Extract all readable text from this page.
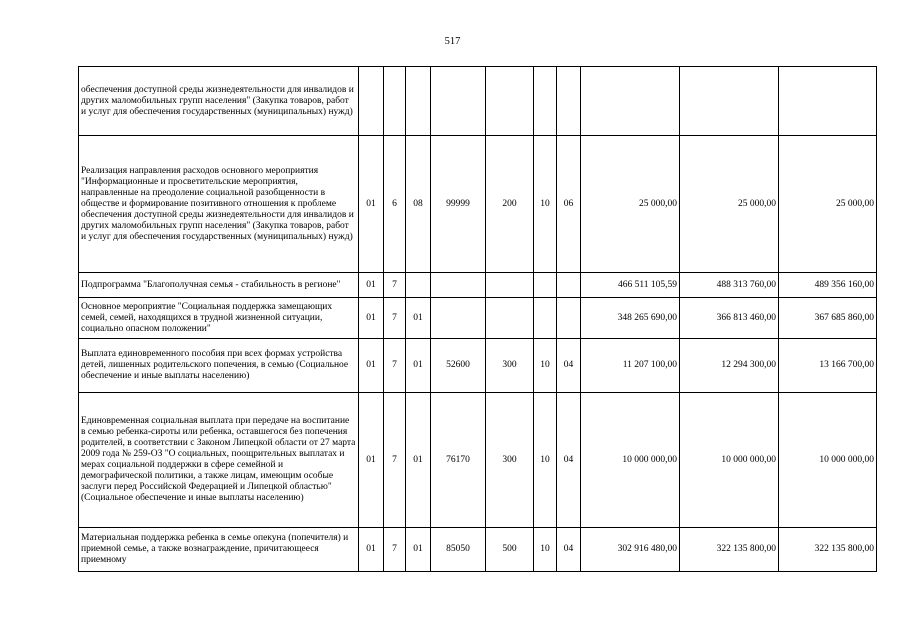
517
обеспечения доступной среды жизнедеятельности для инвалидов и других маломобильных групп населения" (Закупка товаров, работ и услуг для обеспечения государственных (муниципальных) нужд)										
Реализация направления расходов основного мероприятия "Информационные и просветительские мероприятия, направленные на преодоление социальной разобщенности в обществе и формирование позитивного отношения к проблеме обеспечения доступной среды жизнедеятельности для инвалидов и других маломобильных групп населения" (Закупка товаров, работ и услуг для обеспечения государственных (муниципальных) нужд)	01	6	08	99999	200	10	06	25 000,00	25 000,00	25 000,00
Подпрограмма "Благополучная семья - стабильность в регионе"	01	7						466 511 105,59	488 313 760,00	489 356 160,00
Основное мероприятие "Социальная поддержка замещающих семей, семей, находящихся в трудной жизненной ситуации, социально опасном положении"	01	7	01					348 265 690,00	366 813 460,00	367 685 860,00
Выплата единовременного пособия при всех формах устройства детей, лишенных родительского попечения, в семью (Социальное обеспечение и иные выплаты населению)	01	7	01	52600	300	10	04	11 207 100,00	12 294 300,00	13 166 700,00
Единовременная социальная выплата при передаче на воспитание в семью ребенка-сироты или ребенка, оставшегося без попечения родителей, в соответствии с Законом Липецкой области от 27 марта 2009 года № 259-ОЗ "О социальных, поощрительных выплатах и мерах социальной поддержки в сфере семейной и демографической политики, а также лицам, имеющим особые заслуги перед Российской Федерацией и Липецкой областью" (Социальное обеспечение и иные выплаты населению)	01	7	01	76170	300	10	04	10 000 000,00	10 000 000,00	10 000 000,00
Материальная поддержка ребенка в семье опекуна (попечителя) и приемной семье, а также вознаграждение, причитающееся приемному	01	7	01	85050	500	10	04	302 916 480,00	322 135 800,00	322 135 800,00
